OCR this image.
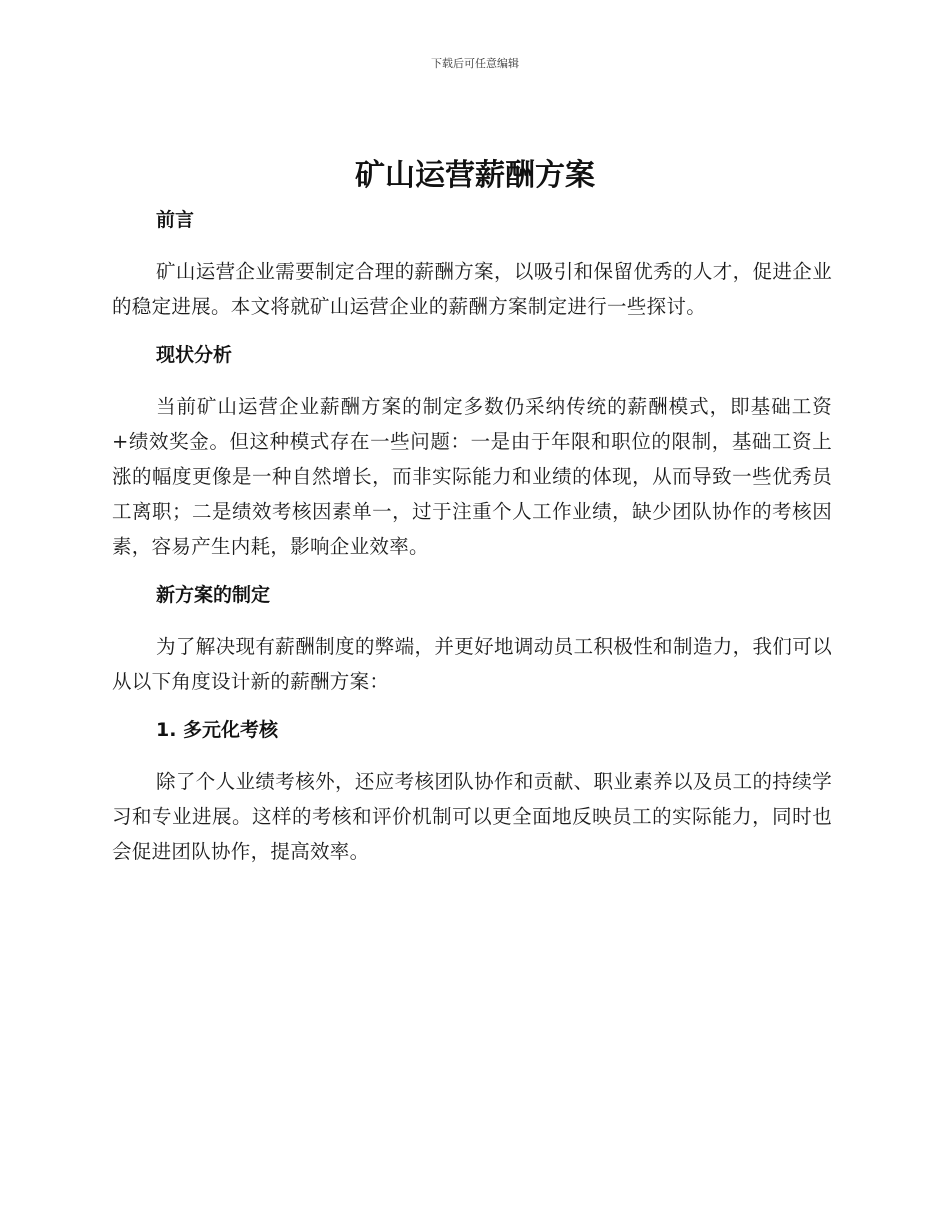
下载后可任意编辑
矿山运营薪酬方案
前言

矿山运营企业需要制定合理的薪酬方案，以吸引和保留优秀的人才，促进企业的稳定进展。本文将就矿山运营企业的薪酬方案制定进行一些探讨。

现状分析

当前矿山运营企业薪酬方案的制定多数仍采纳传统的薪酬模式，即基础工资+绩效奖金。但这种模式存在一些问题：一是由于年限和职位的限制，基础工资上涨的幅度更像是一种自然增长，而非实际能力和业绩的体现，从而导致一些优秀员工离职；二是绩效考核因素单一，过于注重个人工作业绩，缺少团队协作的考核因素，容易产生内耗，影响企业效率。

新方案的制定

为了解决现有薪酬制度的弊端，并更好地调动员工积极性和制造力，我们可以从以下角度设计新的薪酬方案：

1. 多元化考核

除了个人业绩考核外，还应考核团队协作和贡献、职业素养以及员工的持续学习和专业进展。这样的考核和评价机制可以更全面地反映员工的实际能力，同时也会促进团队协作，提高效率。
